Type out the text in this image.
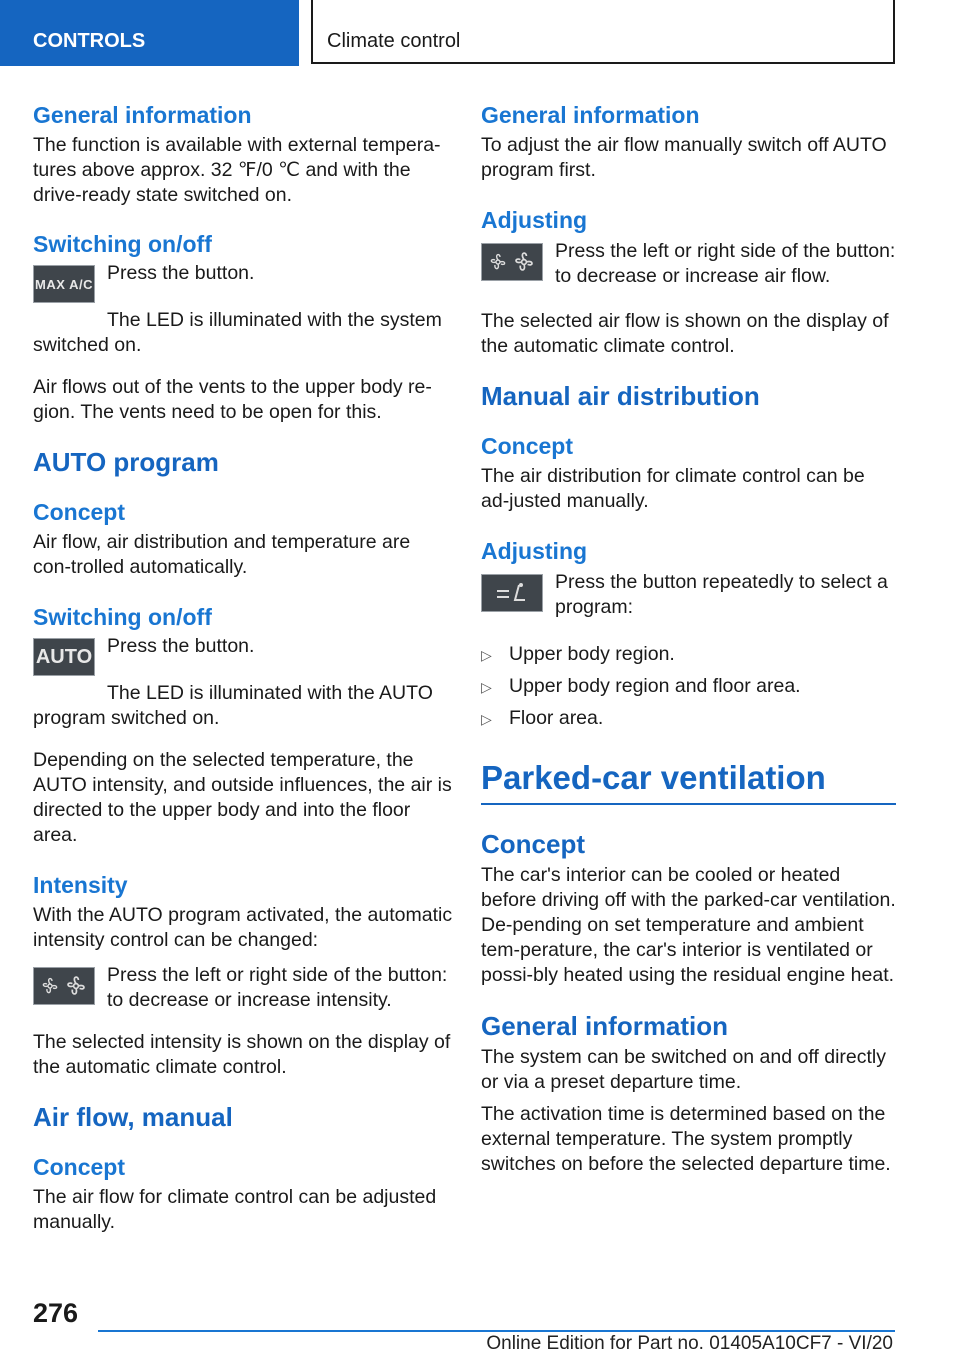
CONTROLS	Climate control
General information

The function is available with external tempera‐tures above approx. 32 ℉/0 ℃ and with the drive-ready state switched on.

Switching on/off
MAX A/C Press the button.

The LED is illuminated with the system switched on.

Air flows out of the vents to the upper body re‐gion. The vents need to be open for this.

AUTO program
Concept

Air flow, air distribution and temperature are con‐trolled automatically.

Switching on/off
AUTO Press the button.

The LED is illuminated with the AUTO program switched on.

Depending on the selected temperature, the AUTO intensity, and outside influences, the air is directed to the upper body and into the floor area.

Intensity

With the AUTO program activated, the automatic intensity control can be changed:

Press the left or right side of the button: to decrease or increase intensity.

The selected intensity is shown on the display of the automatic climate control.

Air flow, manual
Concept

The air flow for climate control can be adjusted manually.

General information

To adjust the air flow manually switch off AUTO program first.

Adjusting

Press the left or right side of the button: to decrease or increase air flow.

The selected air flow is shown on the display of the automatic climate control.

Manual air distribution
Concept

The air distribution for climate control can be ad‐justed manually.

Adjusting

Press the button repeatedly to select a program:

▷ Upper body region.
▷ Upper body region and floor area.
▷ Floor area.
Parked-car ventilation
Concept

The car's interior can be cooled or heated before driving off with the parked-car ventilation. De‐pending on set temperature and ambient tem‐perature, the car's interior is ventilated or possi‐bly heated using the residual engine heat.

General information

The system can be switched on and off directly or via a preset departure time.

The activation time is determined based on the external temperature. The system promptly switches on before the selected departure time.

276
Online Edition for Part no. 01405A10CF7 - VI/20
